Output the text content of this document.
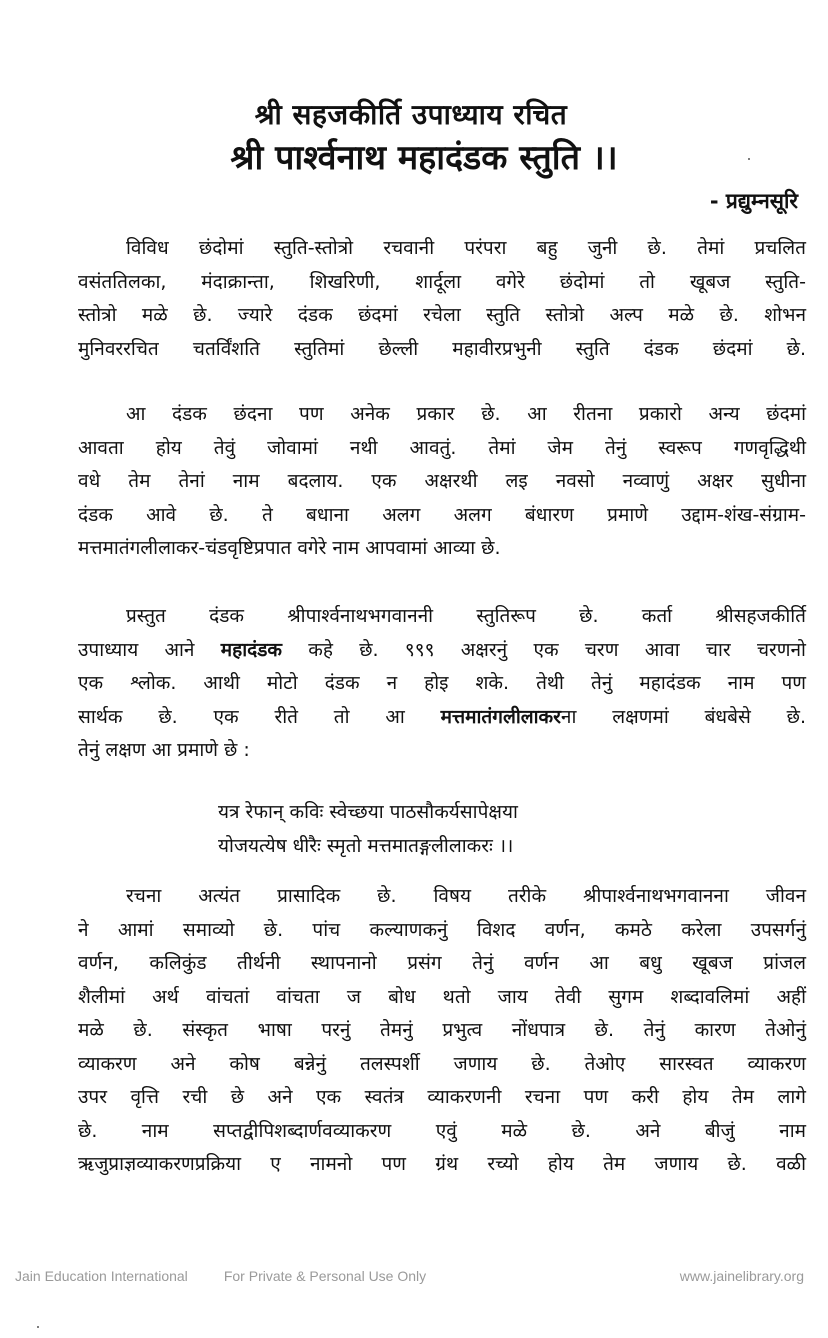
श्री सहजकीर्ति उपाध्याय रचित
श्री पार्श्वनाथ महादंडक स्तुति ।।
- प्रद्युम्नसूरि
विविध छंदोमां स्तुति-स्तोत्रो रचवानी परंपरा बहु जुनी छे. तेमां प्रचलित
वसंततिलका, मंदाक्रान्ता, शिखरिणी, शार्दूला वगेरे छंदोमां तो खूबज स्तुति-
स्तोत्रो मळे छे. ज्यारे दंडक छंदमां रचेला स्तुति स्तोत्रो अल्प मळे छे. शोभन
मुनिवररचित चतर्विंशति स्तुतिमां छेल्ली महावीरप्रभुनी स्तुति दंडक छंदमां छे.
आ दंडक छंदना पण अनेक प्रकार छे. आ रीतना प्रकारो अन्य छंदमां
आवता होय तेवुं जोवामां नथी आवतुं. तेमां जेम तेनुं स्वरूप गणवृद्धिथी
वधे तेम तेनां नाम बदलाय. एक अक्षरथी लइ नवसो नव्वाणुं अक्षर सुधीना
दंडक आवे छे. ते बधाना अलग अलग बंधारण प्रमाणे उद्दाम-शंख-संग्राम-
मत्तमातंगलीलाकर-चंडवृष्टिप्रपात वगेरे नाम आपवामां आव्या छे.
प्रस्तुत दंडक श्रीपार्श्वनाथभगवाननी स्तुतिरूप छे. कर्ता श्रीसहजकीर्ति
उपाध्याय आने महादंडक कहे छे. ९९९ अक्षरनुं एक चरण आवा चार चरणनो
एक श्लोक. आथी मोटो दंडक न होइ शके. तेथी तेनुं महादंडक नाम पण
सार्थक छे. एक रीते तो आ मत्तमातंगलीलाकरना लक्षणमां बंधबेसे छे.
तेनुं लक्षण आ प्रमाणे छे :
यत्र रेफान् कविः स्वेच्छया पाठसौकर्यसापेक्षया
योजयत्येष धीरैः स्मृतो मत्तमातङ्गलीलाकरः ।।
रचना अत्यंत प्रासादिक छे. विषय तरीके श्रीपार्श्वनाथभगवानना जीवन
ने आमां समाव्यो छे. पांच कल्याणकनुं विशद वर्णन, कमठे करेला उपसर्गनुं
वर्णन, कलिकुंड तीर्थनी स्थापनानो प्रसंग तेनुं वर्णन आ बधु खूबज प्रांजल
शैलीमां अर्थ वांचतां वांचता ज बोध थतो जाय तेवी सुगम शब्दावलिमां अहीं
मळे छे. संस्कृत भाषा परनुं तेमनुं प्रभुत्व नोंधपात्र छे. तेनुं कारण तेओनुं
व्याकरण अने कोष बन्नेनुं तलस्पर्शी जणाय छे. तेओए सारस्वत व्याकरण
उपर वृत्ति रची छे अने एक स्वतंत्र व्याकरणनी रचना पण करी होय तेम लागे
छे. नाम सप्तद्वीपिशब्दार्णवव्याकरण एवुं मळे छे. अने बीजुं नाम
ऋजुप्राज्ञव्याकरणप्रक्रिया ए नामनो पण ग्रंथ रच्यो होय तेम जणाय छे. वळी
Jain Education International	For Private & Personal Use Only	www.jainelibrary.org
